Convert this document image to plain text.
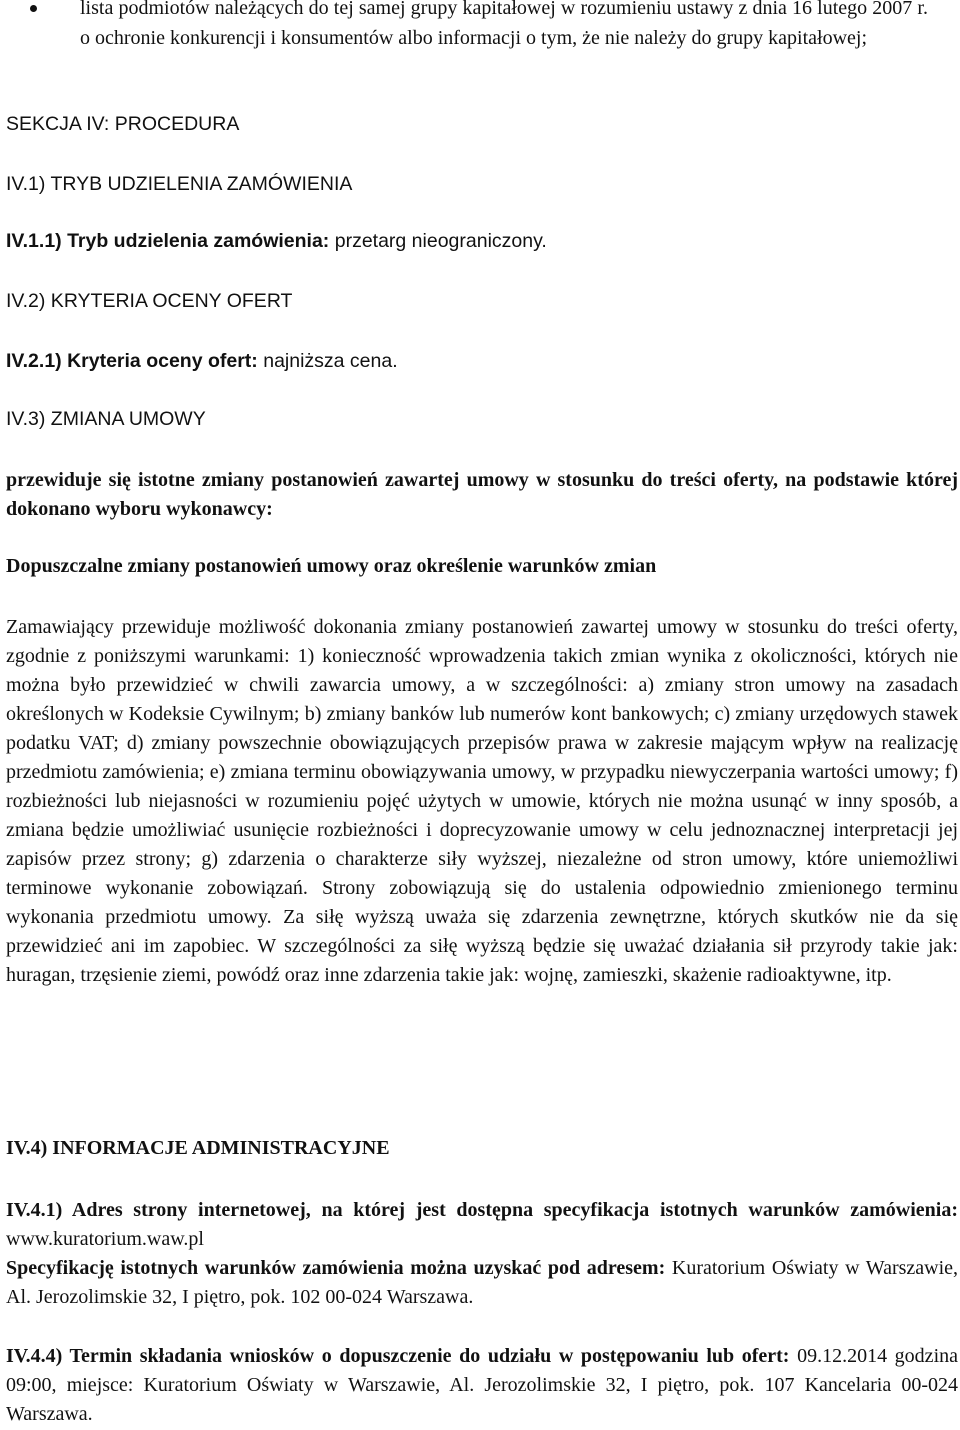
lista podmiotów należących do tej samej grupy kapitałowej w rozumieniu ustawy z dnia 16 lutego 2007 r. o ochronie konkurencji i konsumentów albo informacji o tym, że nie należy do grupy kapitałowej;

SEKCJA IV: PROCEDURA

IV.1) TRYB UDZIELENIA ZAMÓWIENIA

IV.1.1) Tryb udzielenia zamówienia: przetarg nieograniczony.

IV.2) KRYTERIA OCENY OFERT

IV.2.1) Kryteria oceny ofert: najniższa cena.

IV.3) ZMIANA UMOWY

przewiduje się istotne zmiany postanowień zawartej umowy w stosunku do treści oferty, na podstawie której dokonano wyboru wykonawcy:

Dopuszczalne zmiany postanowień umowy oraz określenie warunków zmian

Zamawiający przewiduje możliwość dokonania zmiany postanowień zawartej umowy w stosunku do treści oferty, zgodnie z poniższymi warunkami: 1) konieczność wprowadzenia takich zmian wynika z okoliczności, których nie można było przewidzieć w chwili zawarcia umowy, a w szczególności: a) zmiany stron umowy na zasadach określonych w Kodeksie Cywilnym; b) zmiany banków lub numerów kont bankowych; c) zmiany urzędowych stawek podatku VAT; d) zmiany powszechnie obowiązujących przepisów prawa w zakresie mającym wpływ na realizację przedmiotu zamówienia; e) zmiana terminu obowiązywania umowy, w przypadku niewyczerpania wartości umowy; f) rozbieżności lub niejasności w rozumieniu pojęć użytych w umowie, których nie można usunąć w inny sposób, a zmiana będzie umożliwiać usunięcie rozbieżności i doprecyzowanie umowy w celu jednoznacznej interpretacji jej zapisów przez strony; g) zdarzenia o charakterze siły wyższej, niezależne od stron umowy, które uniemożliwi terminowe wykonanie zobowiązań. Strony zobowiązują się do ustalenia odpowiednio zmienionego terminu wykonania przedmiotu umowy. Za siłę wyższą uważa się zdarzenia zewnętrzne, których skutków nie da się przewidzieć ani im zapobiec. W szczególności za siłę wyższą będzie się uważać działania sił przyrody takie jak: huragan, trzęsienie ziemi, powódź oraz inne zdarzenia takie jak: wojnę, zamieszki, skażenie radioaktywne, itp.

IV.4) INFORMACJE ADMINISTRACYJNE

IV.4.1) Adres strony internetowej, na której jest dostępna specyfikacja istotnych warunków zamówienia: www.kuratorium.waw.pl
Specyfikację istotnych warunków zamówienia można uzyskać pod adresem: Kuratorium Oświaty w Warszawie, Al. Jerozolimskie 32, I piętro, pok. 102 00-024 Warszawa.

IV.4.4) Termin składania wniosków o dopuszczenie do udziału w postępowaniu lub ofert: 09.12.2014 godzina 09:00, miejsce: Kuratorium Oświaty w Warszawie, Al. Jerozolimskie 32, I piętro, pok. 107 Kancelaria 00-024 Warszawa.
